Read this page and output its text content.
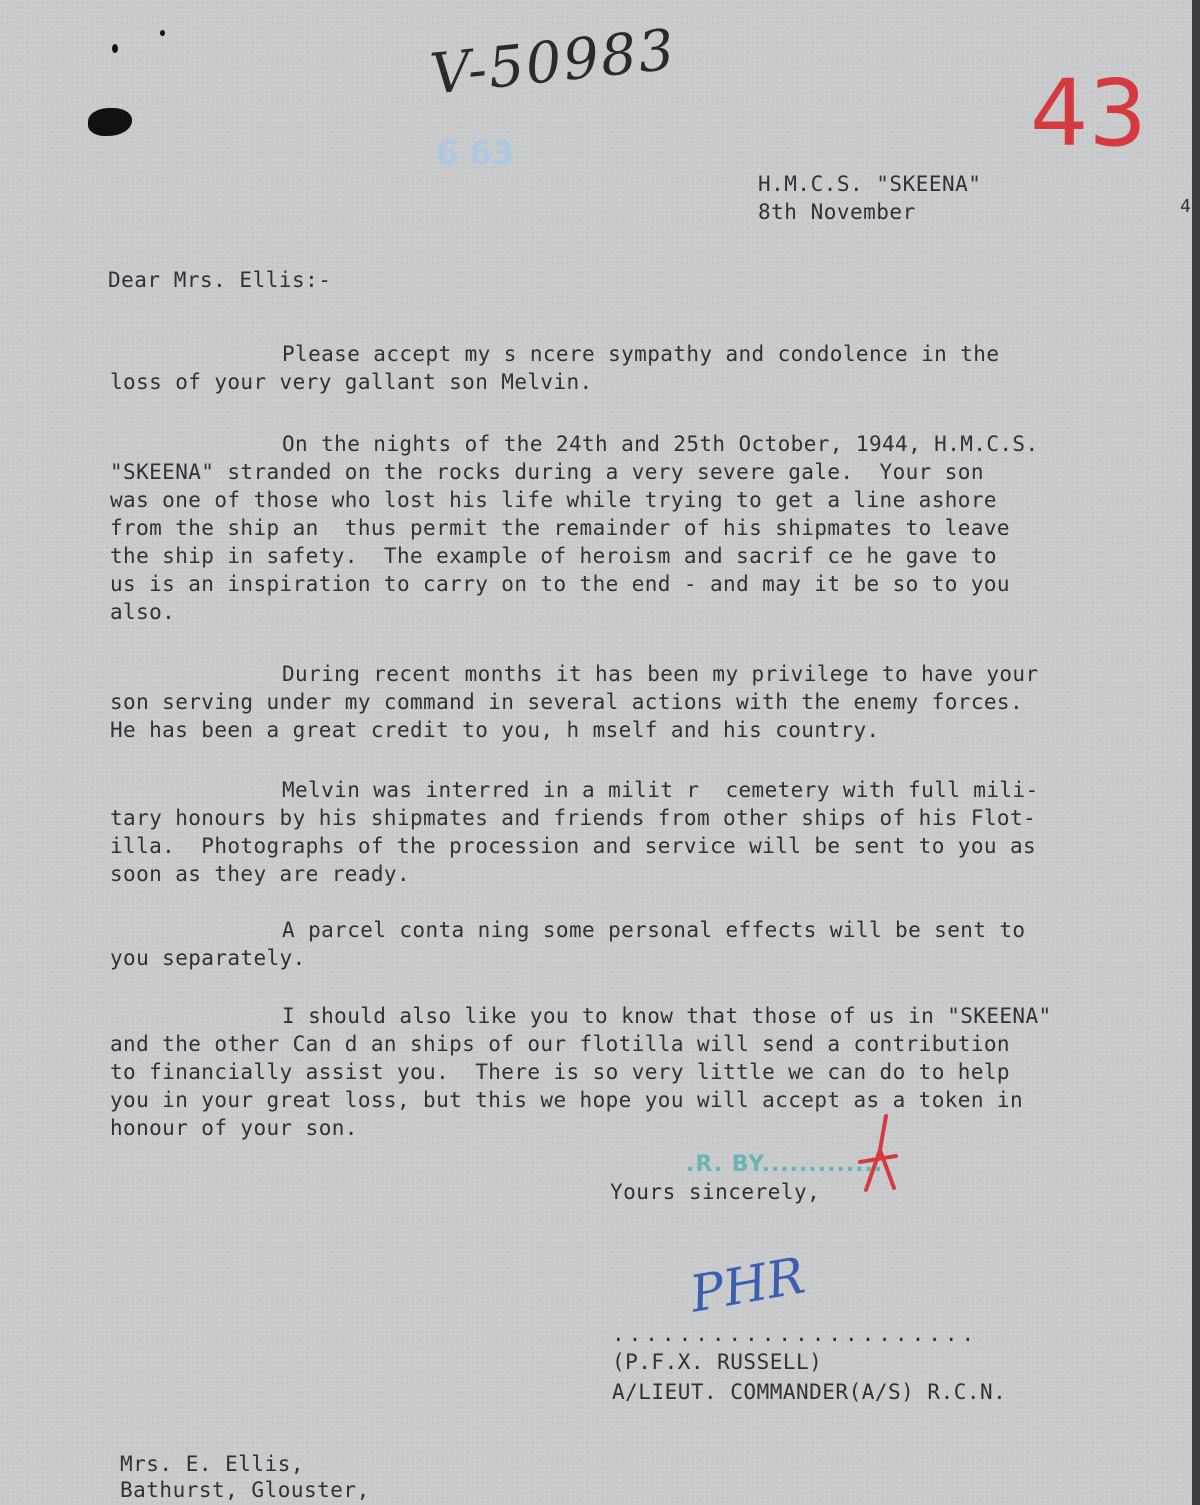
V-50983	43
6 63
H.M.C.S. "SKEENA"
8th November	4
Dear Mrs. Ellis:-
Please accept my s ncere sympathy and condolence in the
loss of your very gallant son Melvin.
On the nights of the 24th and 25th October, 1944, H.M.C.S.
"SKEENA" stranded on the rocks during a very severe gale.  Your son
was one of those who lost his life while trying to get a line ashore
from the ship an  thus permit the remainder of his shipmates to leave
the ship in safety.  The example of heroism and sacrif ce he gave to
us is an inspiration to carry on to the end - and may it be so to you
also.
During recent months it has been my privilege to have your
son serving under my command in several actions with the enemy forces.
He has been a great credit to you, h mself and his country.
Melvin was interred in a milit r  cemetery with full mili-
tary honours by his shipmates and friends from other ships of his Flot-
illa.  Photographs of the procession and service will be sent to you as
soon as they are ready.
A parcel conta ning some personal effects will be sent to
you separately.
I should also like you to know that those of us in "SKEENA"
and the other Can d an ships of our flotilla will send a contribution
to financially assist you.  There is so very little we can do to help
you in your great loss, but this we hope you will accept as a token in
honour of your son.
.R. BY.............
Yours sincerely,
PHR
......................
(P.F.X. RUSSELL)
A/LIEUT. COMMANDER(A/S) R.C.N.
Mrs. E. Ellis,
Bathurst, Glouster,
